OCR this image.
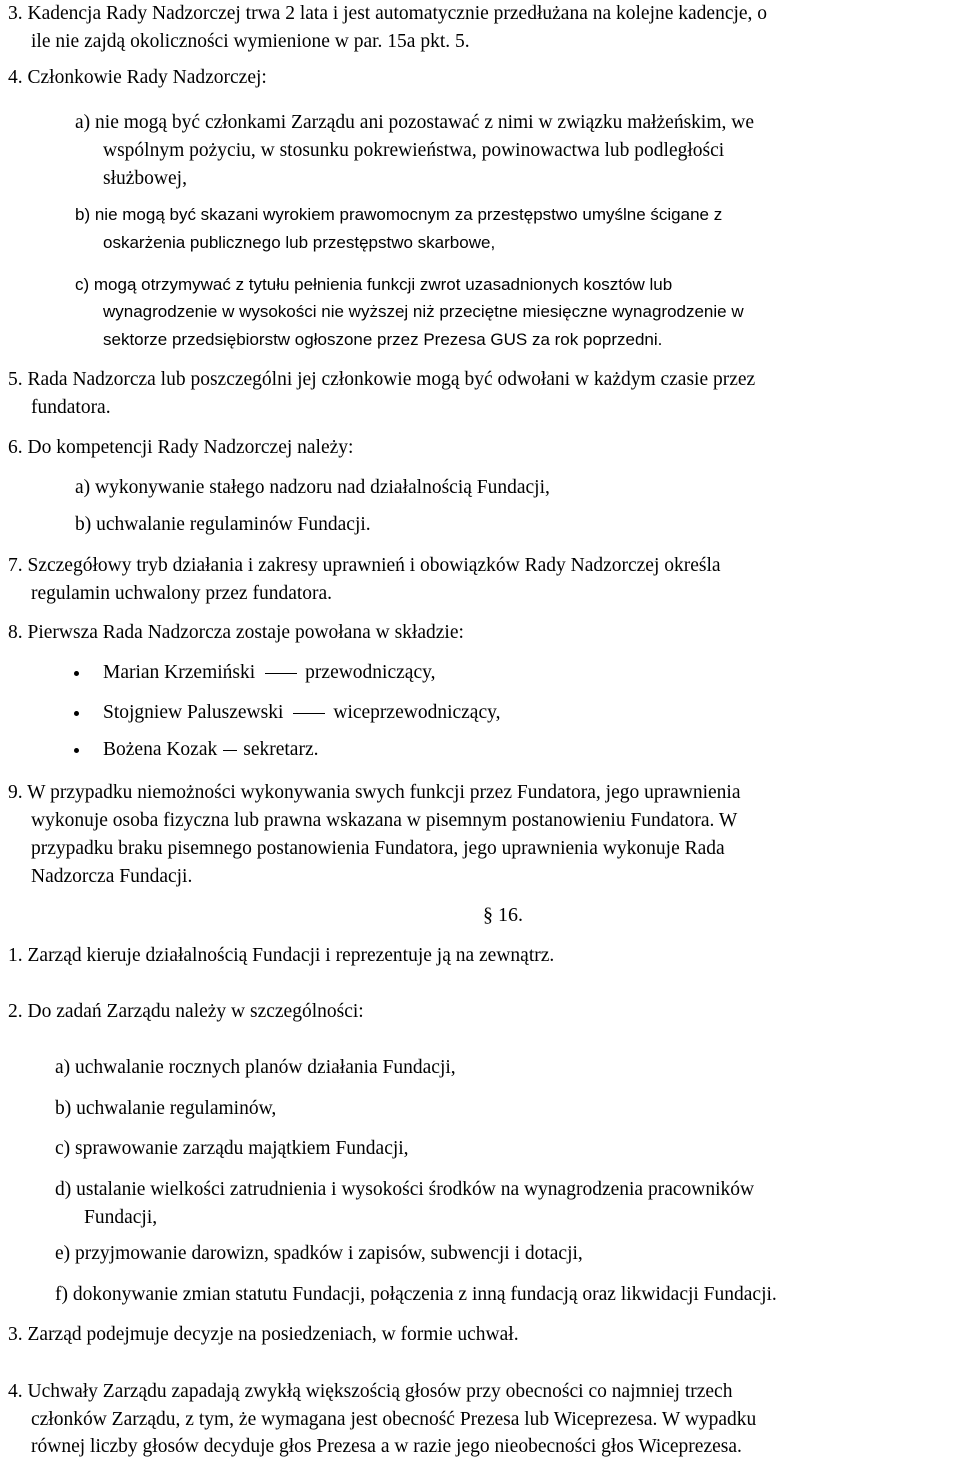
3. Kadencja Rady Nadzorczej trwa 2 lata i jest automatycznie przedłużana na kolejne kadencje, o
ile nie zajdą okoliczności wymienione w par. 15a pkt. 5.
4. Członkowie Rady Nadzorczej:
a) nie mogą być członkami Zarządu ani pozostawać z nimi w związku małżeńskim, we
wspólnym pożyciu, w stosunku pokrewieństwa, powinowactwa lub podległości
służbowej,
b) nie mogą być skazani wyrokiem prawomocnym za przestępstwo umyślne ścigane z
oskarżenia publicznego lub przestępstwo skarbowe,
c) mogą otrzymywać z tytułu pełnienia funkcji zwrot uzasadnionych kosztów lub
wynagrodzenie w wysokości nie wyższej niż przeciętne miesięczne wynagrodzenie w
sektorze przedsiębiorstw ogłoszone przez Prezesa GUS za rok poprzedni.
5. Rada Nadzorcza lub poszczególni jej członkowie mogą być odwołani w każdym czasie przez
fundatora.
6. Do kompetencji Rady Nadzorczej należy:
a) wykonywanie stałego nadzoru nad działalnością Fundacji,
b) uchwalanie regulaminów Fundacji.
7. Szczegółowy tryb działania i zakresy uprawnień i obowiązków Rady Nadzorczej określa
regulamin uchwalony przez fundatora.
8. Pierwsza Rada Nadzorcza zostaje powołana w składzie:
Marian Krzemiński	przewodniczący,
Stojgniew Paluszewski	wiceprzewodniczący,
Bożena Kozak sekretarz.
9. W przypadku niemożności wykonywania swych funkcji przez Fundatora, jego uprawnienia
wykonuje osoba fizyczna lub prawna wskazana w pisemnym postanowieniu Fundatora. W
przypadku braku pisemnego postanowienia Fundatora, jego uprawnienia wykonuje Rada
Nadzorcza Fundacji.
§ 16.
1. Zarząd kieruje działalnością Fundacji i reprezentuje ją na zewnątrz.
2. Do zadań Zarządu należy w szczególności:
a) uchwalanie rocznych planów działania Fundacji,
b) uchwalanie regulaminów,
c) sprawowanie zarządu majątkiem Fundacji,
d) ustalanie wielkości zatrudnienia i wysokości środków na wynagrodzenia pracowników
Fundacji,
e) przyjmowanie darowizn, spadków i zapisów, subwencji i dotacji,
f) dokonywanie zmian statutu Fundacji, połączenia z inną fundacją oraz likwidacji Fundacji.
3. Zarząd podejmuje decyzje na posiedzeniach, w formie uchwał.
4. Uchwały Zarządu zapadają zwykłą większością głosów przy obecności co najmniej trzech
członków Zarządu, z tym, że wymagana jest obecność Prezesa lub Wiceprezesa. W wypadku
równej liczby głosów decyduje głos Prezesa a w razie jego nieobecności głos Wiceprezesa.
